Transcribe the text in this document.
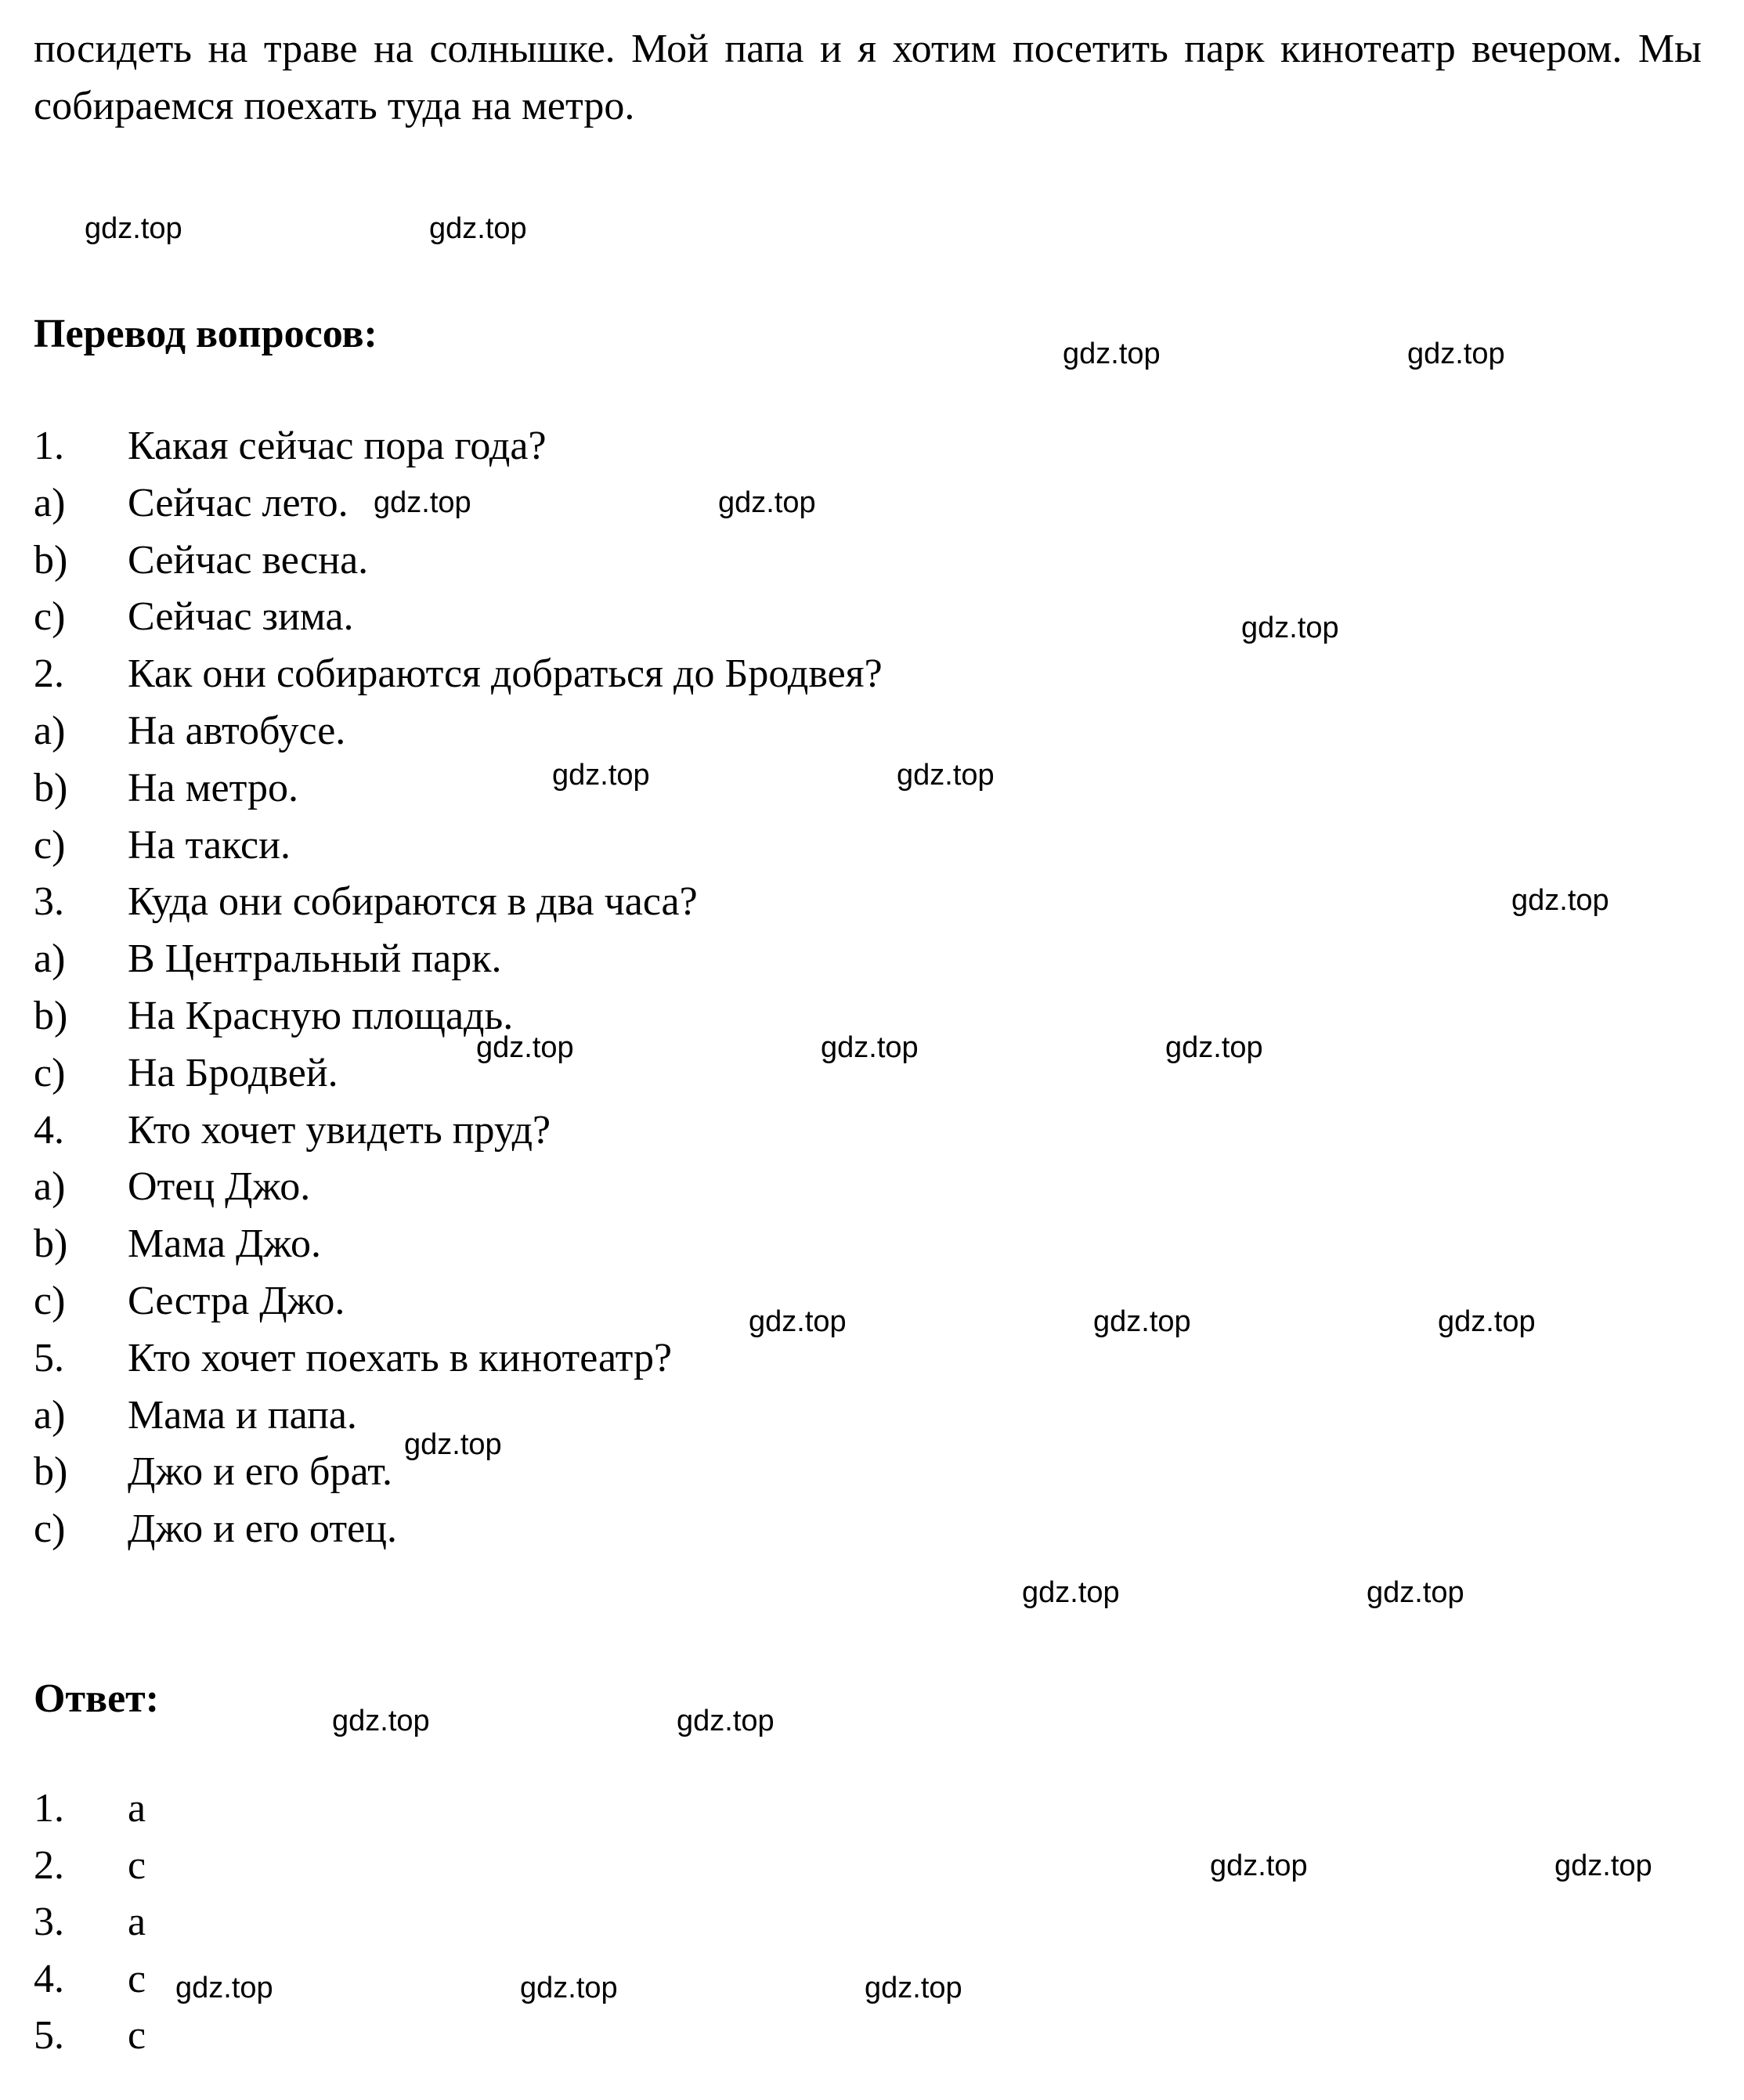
посидеть на траве на солнышке. Мой папа и я хотим посетить парк кинотеатр вечером. Мы собираемся поехать туда на метро.

Перевод вопросов:
1. Какая сейчас пора года?
a) Сейчас лето.
b) Сейчас весна.
c) Сейчас зима.
2. Как они собираются добраться до Бродвея?
a) На автобусе.
b) На метро.
c) На такси.
3. Куда они собираются в два часа?
a) В Центральный парк.
b) На Красную площадь.
c) На Бродвей.
4. Кто хочет увидеть пруд?
a) Отец Джо.
b) Мама Джо.
c) Сестра Джо.
5. Кто хочет поехать в кинотеатр?
a) Мама и папа.
b) Джо и его брат.
c) Джо и его отец.
Ответ:
1. a
2. c
3. a
4. c
5. c
gdz.top	gdz.top
gdz.top	gdz.top
gdz.top	gdz.top
gdz.top
gdz.top	gdz.top
gdz.top
gdz.top	gdz.top	gdz.top
gdz.top	gdz.top	gdz.top
gdz.top
gdz.top	gdz.top
gdz.top	gdz.top
gdz.top	gdz.top
gdz.top	gdz.top	gdz.top
